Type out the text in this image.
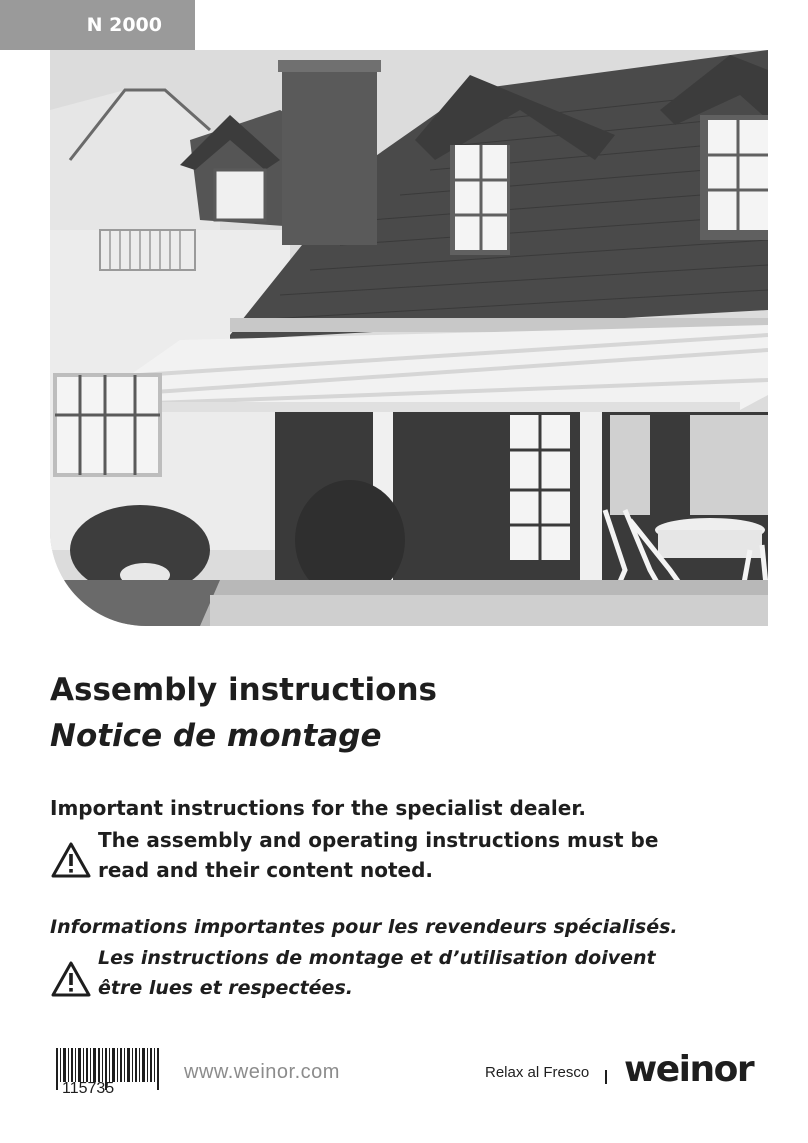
N 2000
Assembly instructions
Notice de montage
Important instructions for the specialist dealer.
The assembly and operating instructions must be
read and their content noted.
Informations importantes pour les revendeurs spécialisés.
Les instructions de montage et d’utilisation doivent
être lues et respectées.
115735
www.weinor.com	Relax al Fresco weinor
